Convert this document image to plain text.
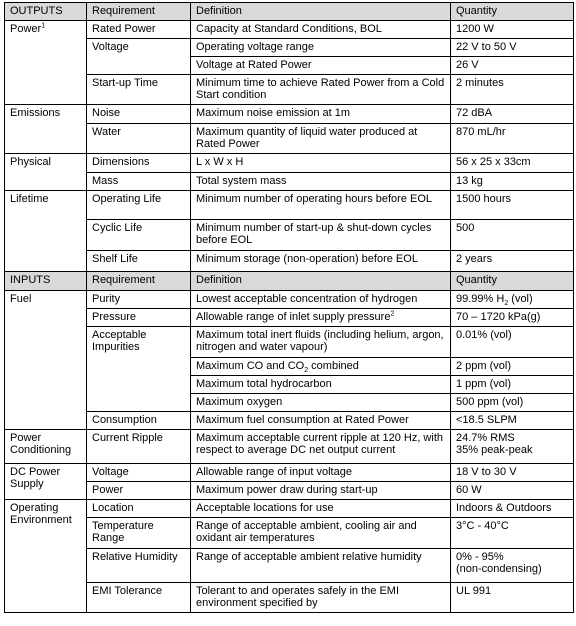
OUTPUTS	Requirement	Definition	Quantity
Power$^1$	Rated Power	Capacity at Standard Conditions, BOL	1200 W
	Voltage	Operating voltage range	22 V to 50 V
		Voltage at Rated Power	26 V
	Start-up Time	Minimum time to achieve Rated Power from a Cold Start condition	2 minutes
Emissions	Noise	Maximum noise emission at 1m	72 dBA
	Water	Maximum quantity of liquid water produced at Rated Power	870 mL/hr
Physical	Dimensions	L x W x H	56 x 25 x 33cm
	Mass	Total system mass	13 kg
Lifetime	Operating Life	Minimum number of operating hours before EOL	1500 hours
	Cyclic Life	Minimum number of start-up & shut-down cycles before EOL	500
	Shelf Life	Minimum storage (non-operation) before EOL	2 years
INPUTS	Requirement	Definition	Quantity
Fuel	Purity	Lowest acceptable concentration of hydrogen	99.99% $H_2$ (vol)
	Pressure	Allowable range of inlet supply pressure$^2$	70 – 1720 kPa(g)
	Acceptable Impurities	Maximum total inert fluids (including helium, argon, nitrogen and water vapour)	0.01% (vol)
		Maximum CO and $CO_2$ combined	2 ppm (vol)
		Maximum total hydrocarbon	1 ppm (vol)
		Maximum oxygen	500 ppm (vol)
	Consumption	Maximum fuel consumption at Rated Power	<18.5 SLPM
Power Conditioning	Current Ripple	Maximum acceptable current ripple at 120 Hz, with respect to average DC net output current	24.7% RMS
35% peak-peak

DC Power Supply	Voltage	Allowable range of input voltage	18 V to 30 V
	Power	Maximum power draw during start-up	60 W
Operating Environment	Location	Acceptable locations for use	Indoors & Outdoors
	Temperature Range	Range of acceptable ambient, cooling air and oxidant air temperatures	3°C - 40°C
	Relative Humidity	Range of acceptable ambient relative humidity	0% - 95%
(non-condensing)

	EMI Tolerance	Tolerant to and operates safely in the EMI environment specified by	UL 991
